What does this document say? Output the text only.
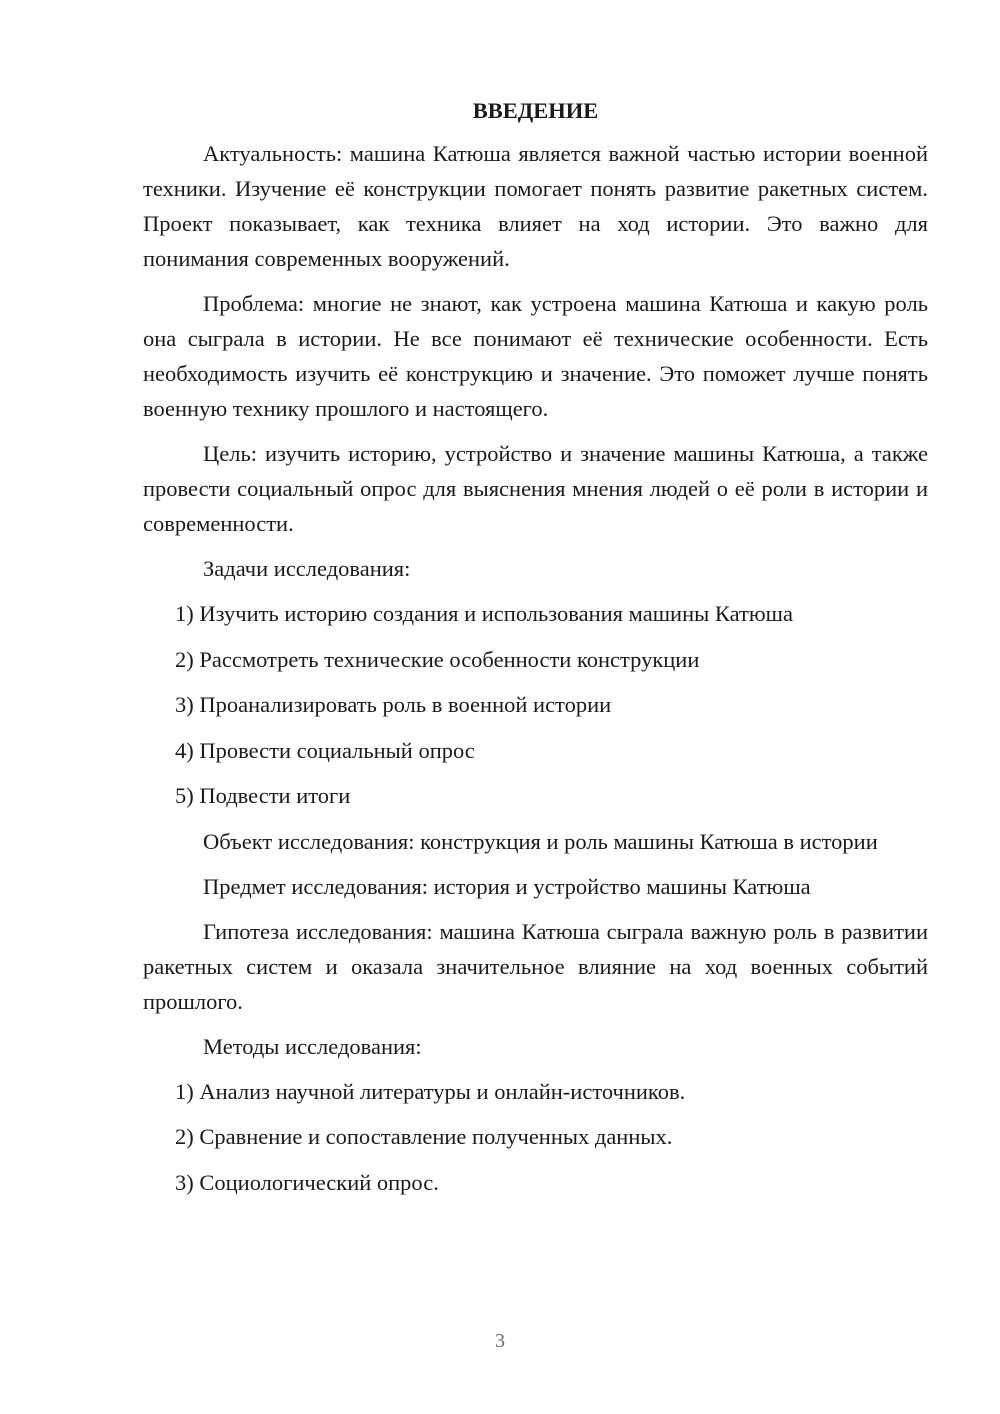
ВВЕДЕНИЕ

Актуальность: машина Катюша является важной частью истории военной техники. Изучение её конструкции помогает понять развитие ракетных систем. Проект показывает, как техника влияет на ход истории. Это важно для понимания современных вооружений.

Проблема: многие не знают, как устроена машина Катюша и какую роль она сыграла в истории. Не все понимают её технические особенности. Есть необходимость изучить её конструкцию и значение. Это поможет лучше понять военную технику прошлого и настоящего.

Цель: изучить историю, устройство и значение машины Катюша, а также провести социальный опрос для выяснения мнения людей о её роли в истории и современности.

Задачи исследования:

1) Изучить историю создания и использования машины Катюша
2) Рассмотреть технические особенности конструкции
3) Проанализировать роль в военной истории
4) Провести социальный опрос
5) Подвести итоги

Объект исследования: конструкция и роль машины Катюша в истории

Предмет исследования: история и устройство машины Катюша

Гипотеза исследования: машина Катюша сыграла важную роль в развитии ракетных систем и оказала значительное влияние на ход военных событий прошлого.

Методы исследования:

1) Анализ научной литературы и онлайн-источников.
2) Сравнение и сопоставление полученных данных.
3) Социологический опрос.
3
